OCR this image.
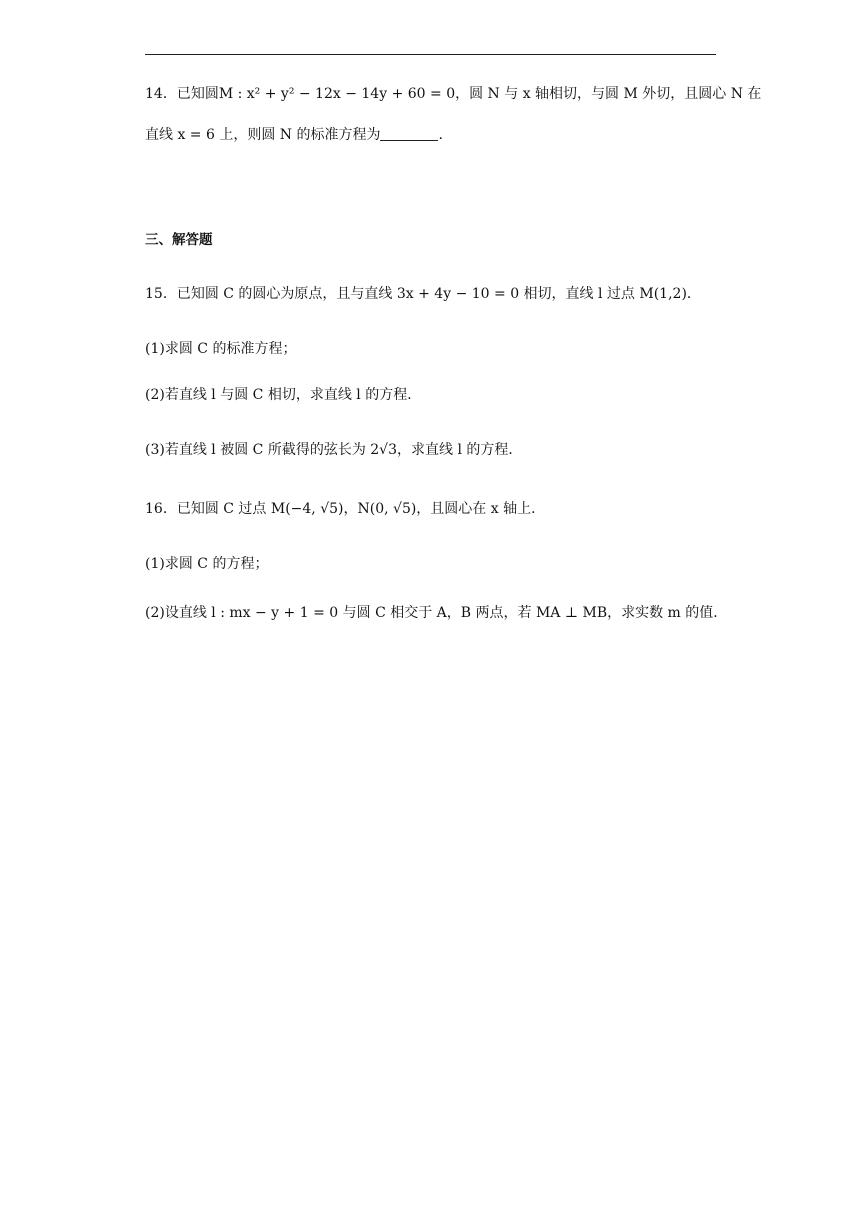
14．已知圆M : x² + y² − 12x − 14y + 60 = 0，圆 N 与 x 轴相切，与圆 M 外切，且圆心 N 在
直线 x = 6 上，则圆 N 的标准方程为	.
三、解答题
15．已知圆 C 的圆心为原点，且与直线 3x + 4y − 10 = 0 相切，直线 l 过点 M(1,2)．
(1)求圆 C 的标准方程；
(2)若直线 l 与圆 C 相切，求直线 l 的方程．
(3)若直线 l 被圆 C 所截得的弦长为 2√3，求直线 l 的方程．
16．已知圆 C 过点 M(−4, √5)，N(0, √5)，且圆心在 x 轴上．
(1)求圆 C 的方程；
(2)设直线 l : mx − y + 1 = 0 与圆 C 相交于 A，B 两点，若 MA ⊥ MB，求实数 m 的值．
